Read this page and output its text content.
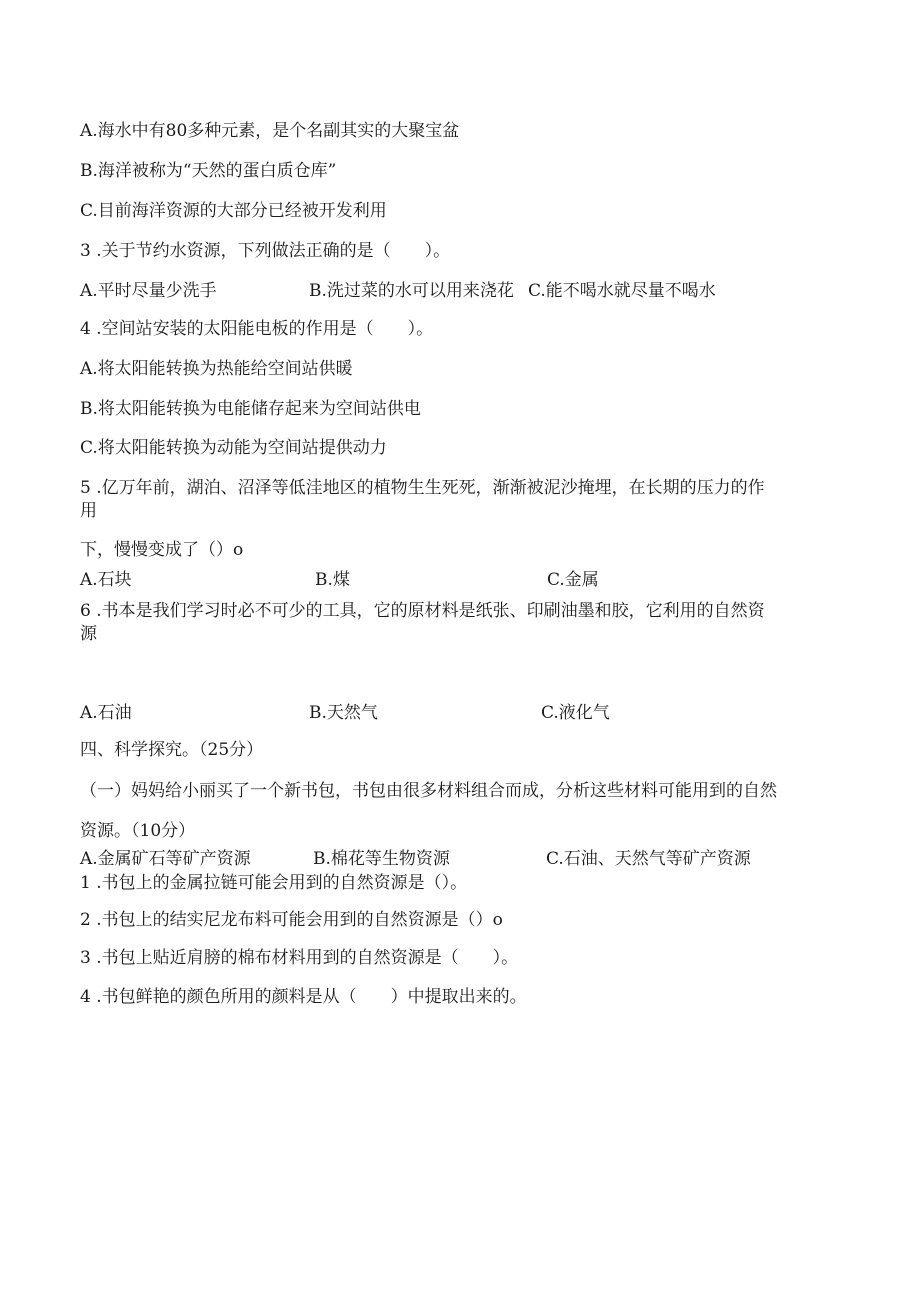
A.海水中有80多种元素，是个名副其实的大聚宝盆
B.海洋被称为“天然的蛋白质仓库”
C.目前海洋资源的大部分已经被开发利用
3 .关于节约水资源，下列做法正确的是（　　）。
A.平时尽量少洗手	B.洗过菜的水可以用来浇花 C.能不喝水就尽量不喝水
4 .空间站安装的太阳能电板的作用是（　　）。
A.将太阳能转换为热能给空间站供暖
B.将太阳能转换为电能储存起来为空间站供电
C.将太阳能转换为动能为空间站提供动力
5 .亿万年前，湖泊、沼泽等低洼地区的植物生生死死，渐渐被泥沙掩埋，在长期的压力的作
用
下，慢慢变成了（）o
A.石块	B.煤	C.金属
6 .书本是我们学习时必不可少的工具，它的原材料是纸张、印刷油墨和胶，它利用的自然资
源
A.石油	B.天然气	C.液化气
四、科学探究。（25分）
（一）妈妈给小丽买了一个新书包，书包由很多材料组合而成，分析这些材料可能用到的自然
资源。（10分）
A.金属矿石等矿产资源	B.棉花等生物资源	C.石油、天然气等矿产资源
1 .书包上的金属拉链可能会用到的自然资源是（）。
2 .书包上的结实尼龙布料可能会用到的自然资源是（）o
3 .书包上贴近肩膀的棉布材料用到的自然资源是（　　）。
4 .书包鲜艳的颜色所用的颜料是从（　　）中提取出来的。
